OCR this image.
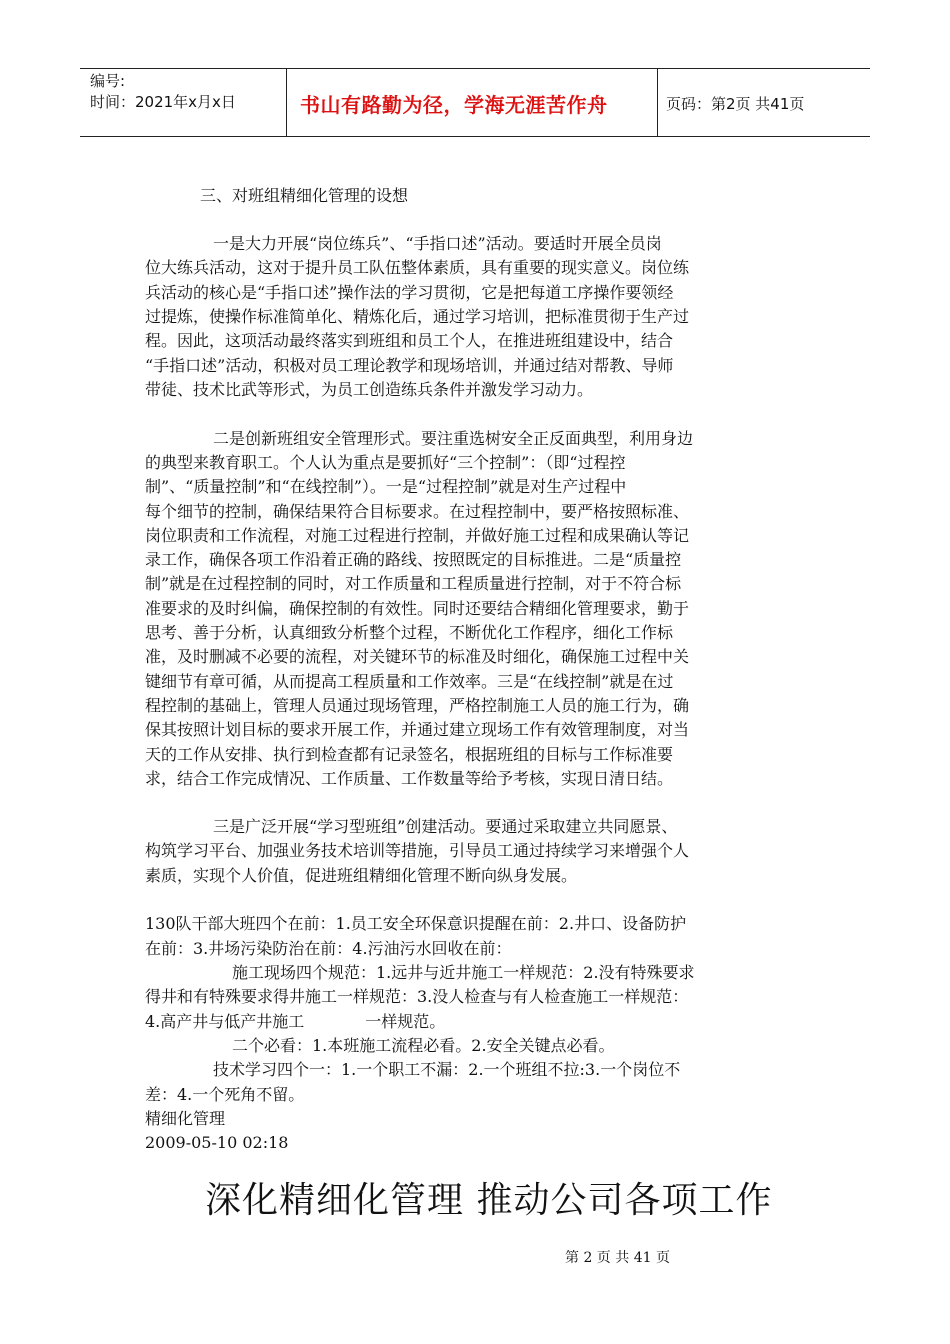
编号:
时间：2021年x月x日	书山有路勤为径，学海无涯苦作舟	页码：第2页 共41页
三、对班组精细化管理的设想
一是大力开展“岗位练兵”、“手指口述”活动。要适时开展全员岗
位大练兵活动，这对于提升员工队伍整体素质，具有重要的现实意义。岗位练
兵活动的核心是“手指口述”操作法的学习贯彻，它是把每道工序操作要领经
过提炼，使操作标准简单化、精炼化后，通过学习培训，把标准贯彻于生产过
程。因此，这项活动最终落实到班组和员工个人，在推进班组建设中，结合
“手指口述”活动，积极对员工理论教学和现场培训，并通过结对帮教、导师
带徒、技术比武等形式，为员工创造练兵条件并激发学习动力。
二是创新班组安全管理形式。要注重选树安全正反面典型，利用身边
的典型来教育职工。个人认为重点是要抓好“三个控制”：（即“过程控
制”、“质量控制”和“在线控制”）。一是“过程控制”就是对生产过程中
每个细节的控制，确保结果符合目标要求。在过程控制中，要严格按照标准、
岗位职责和工作流程，对施工过程进行控制，并做好施工过程和成果确认等记
录工作，确保各项工作沿着正确的路线、按照既定的目标推进。二是“质量控
制”就是在过程控制的同时，对工作质量和工程质量进行控制，对于不符合标
准要求的及时纠偏，确保控制的有效性。同时还要结合精细化管理要求，勤于
思考、善于分析，认真细致分析整个过程，不断优化工作程序，细化工作标
准，及时删减不必要的流程，对关键环节的标准及时细化，确保施工过程中关
键细节有章可循，从而提高工程质量和工作效率。三是“在线控制”就是在过
程控制的基础上，管理人员通过现场管理，严格控制施工人员的施工行为，确
保其按照计划目标的要求开展工作，并通过建立现场工作有效管理制度，对当
天的工作从安排、执行到检查都有记录签名，根据班组的目标与工作标准要
求，结合工作完成情况、工作质量、工作数量等给予考核，实现日清日结。
三是广泛开展“学习型班组”创建活动。要通过采取建立共同愿景、
构筑学习平台、加强业务技术培训等措施，引导员工通过持续学习来增强个人
素质，实现个人价值，促进班组精细化管理不断向纵身发展。
130队干部大班四个在前：1.员工安全环保意识提醒在前：2.井口、设备防护
在前：3.井场污染防治在前：4.污油污水回收在前：
施工现场四个规范：1.远井与近井施工一样规范：2.没有特殊要求
得井和有特殊要求得井施工一样规范：3.没人检查与有人检查施工一样规范：
4.高产井与低产井施工            一样规范。
二个必看：1.本班施工流程必看。2.安全关键点必看。
技术学习四个一：1.一个职工不漏：2.一个班组不拉:3.一个岗位不
差：4.一个死角不留。
精细化管理
2009-05-10 02:18
深化精细化管理 推动公司各项工作
第 2 页 共 41 页
